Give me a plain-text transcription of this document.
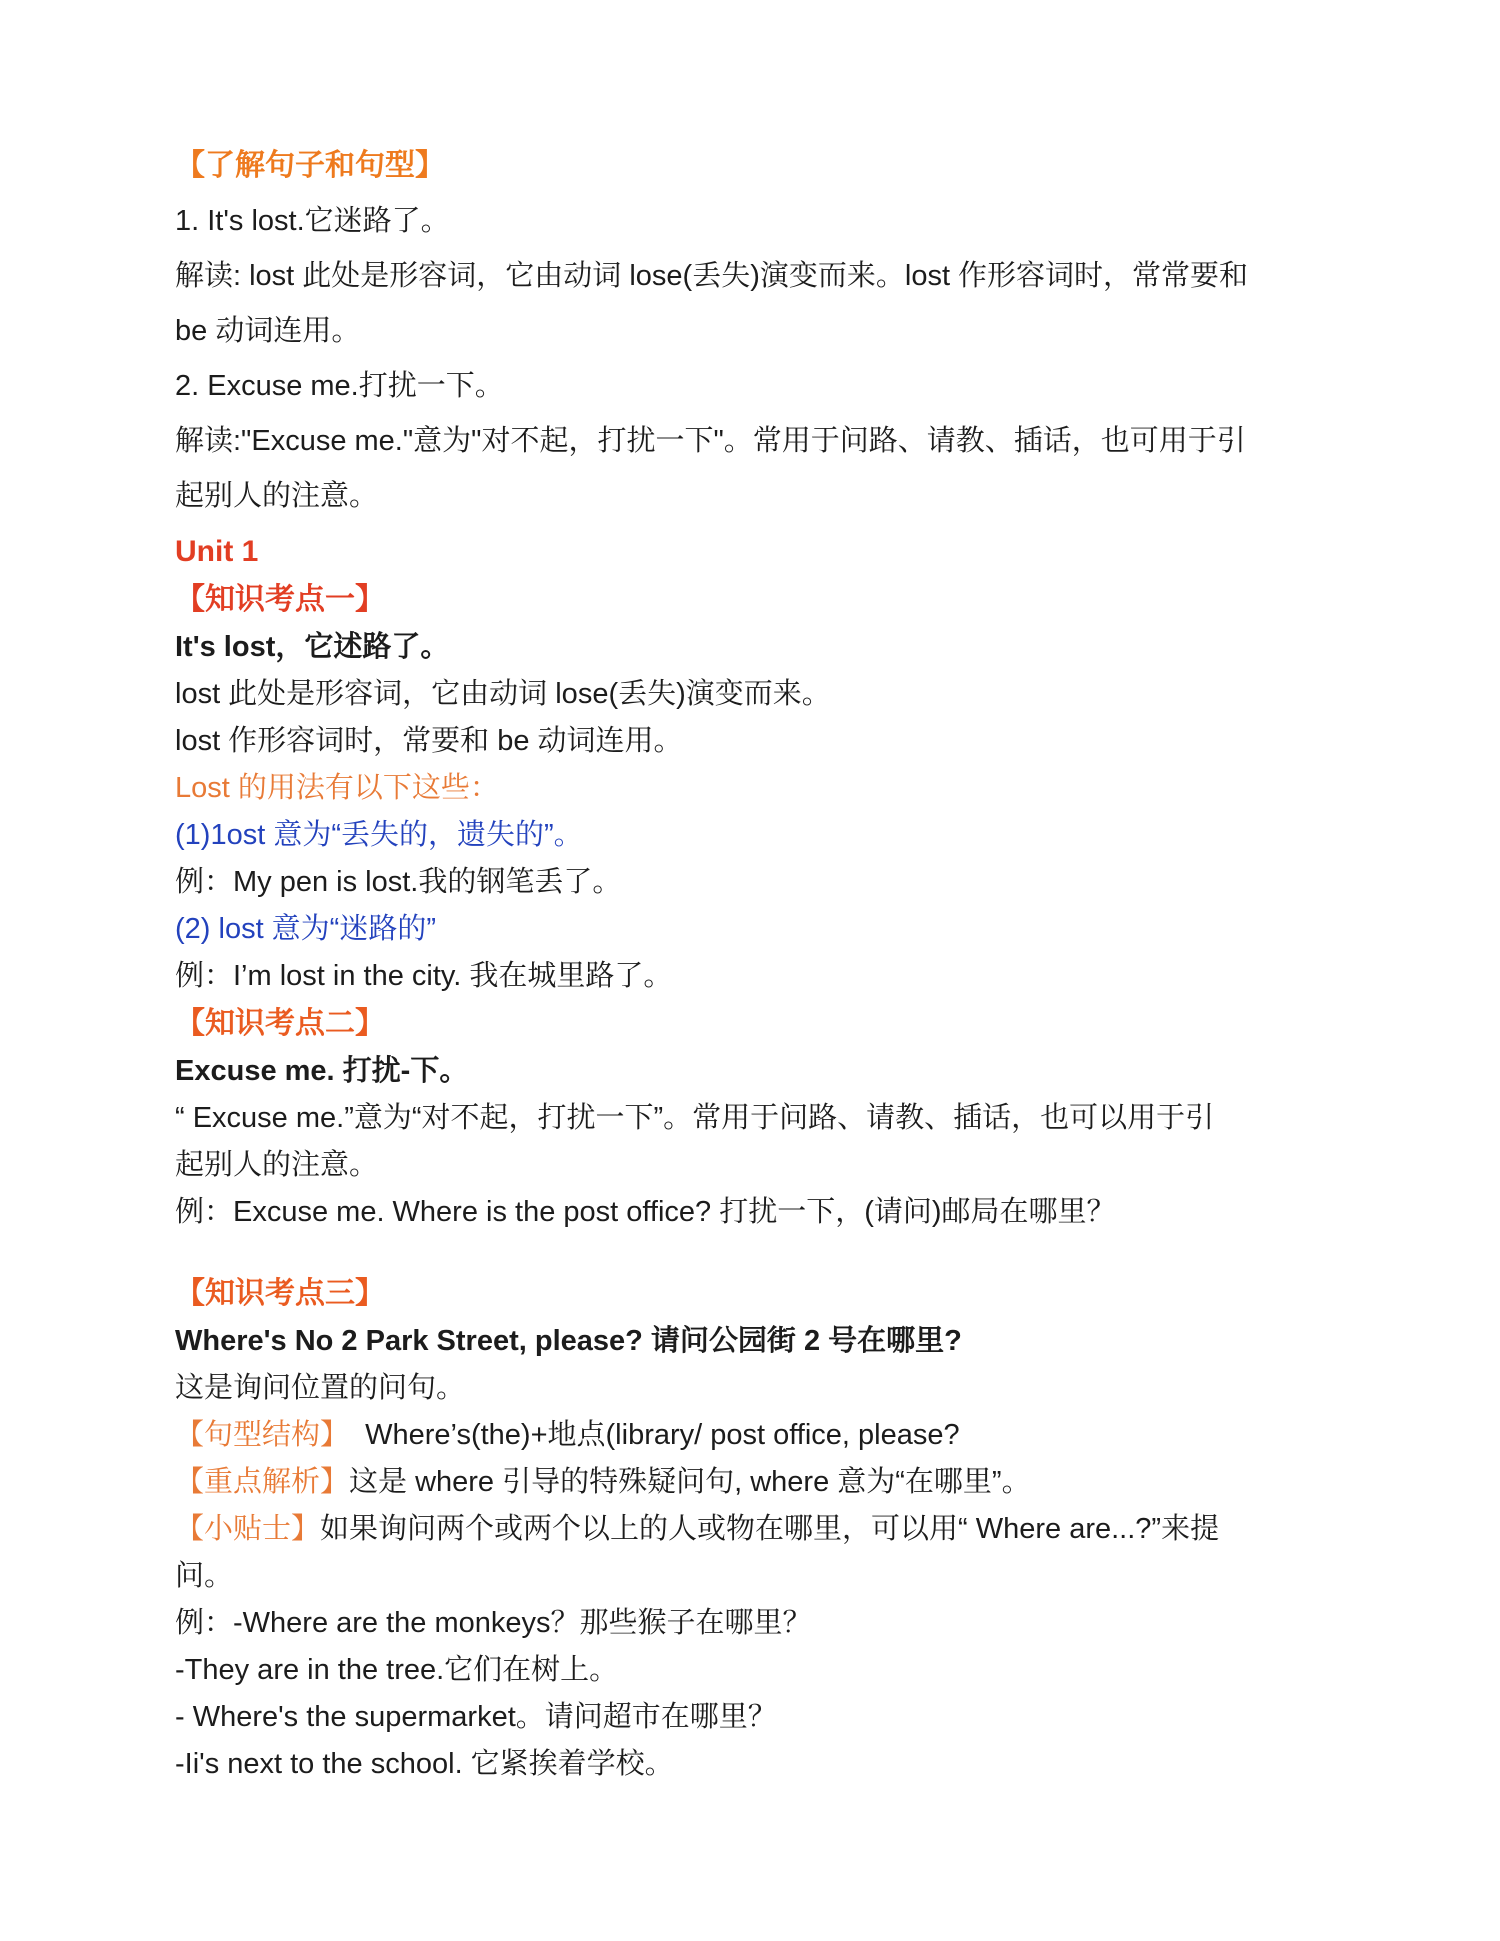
【了解句子和句型】
1. It's lost.它迷路了。
解读: lost 此处是形容词，它由动词 lose(丢失)演变而来。lost 作形容词时，常常要和
be 动词连用。
2. Excuse me.打扰一下。
解读:"Excuse me."意为"对不起，打扰一下"。常用于问路、请教、插话，也可用于引
起别人的注意。
Unit 1
【知识考点一】
It's lost，它述路了。
lost 此处是形容词，它由动词 lose(丢失)演变而来。
lost 作形容词时，常要和 be 动词连用。
Lost 的用法有以下这些：
(1)1ost 意为“丢失的，遗失的”。
例：My pen is lost.我的钢笔丢了。
(2) lost 意为“迷路的”
例：I’m lost in the city. 我在城里路了。
【知识考点二】
Excuse me. 打扰-下。
“ Excuse me.”意为“对不起，打扰一下”。常用于问路、请教、插话，也可以用于引
起别人的注意。
例：Excuse me. Where is the post office? 打扰一下，(请问)邮局在哪里？
【知识考点三】
Where's No 2 Park Street, please? 请问公园街 2 号在哪里?
这是询问位置的问句。
【句型结构】  Where’s(the)+地点(library/ post office, please?
【重点解析】这是 where 引导的特殊疑问句, where 意为“在哪里”。
【小贴士】如果询问两个或两个以上的人或物在哪里，可以用“ Where are...?”来提
问。
例：-Where are the monkeys？那些猴子在哪里？
-They are in the tree.它们在树上。
- Where's the supermarket。请问超市在哪里？
-Ii's next to the school. 它紧挨着学校。
